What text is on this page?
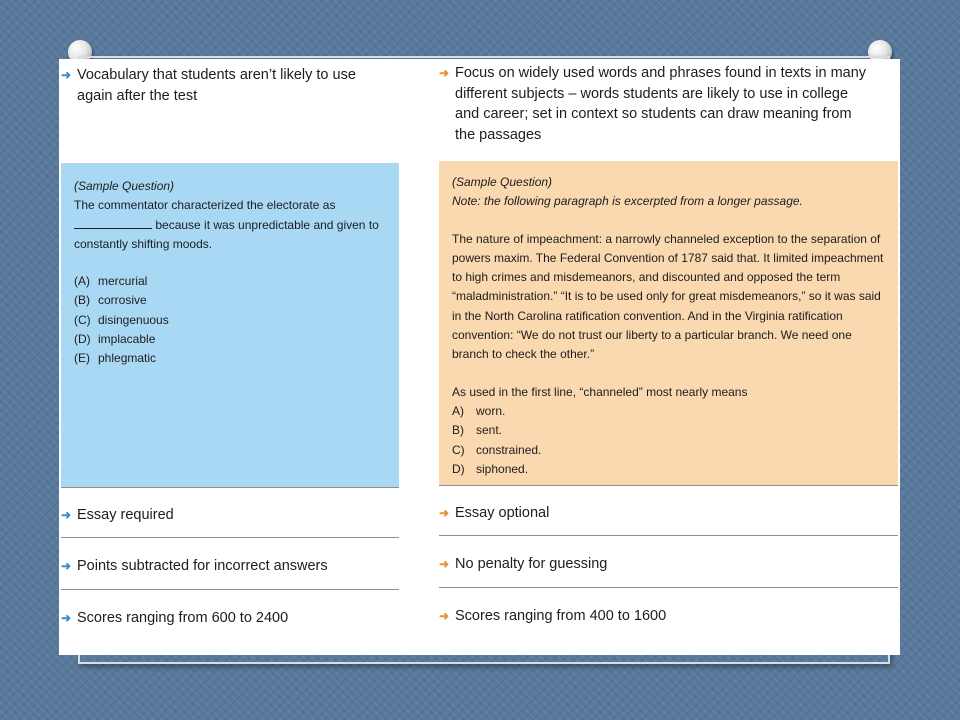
➜ Vocabulary that students aren’t likely to use again after the test

(Sample Question)

The commentator characterized the electorate as
because it was unpredictable and given to constantly shifting moods.

(A) mercurial

(B) corrosive

(C) disingenuous

(D) implacable

(E) phlegmatic

➜ Essay required
➜ Points subtracted for incorrect answers
➜ Scores ranging from 600 to 2400
➜ Focus on widely used words and phrases found in texts in many different subjects – words students are likely to use in college and career; set in context so students can draw meaning from the passages

(Sample Question)

Note: the following paragraph is excerpted from a longer passage.

The nature of impeachment: a narrowly channeled exception to the separation of powers maxim. The Federal Convention of 1787 said that. It limited impeachment to high crimes and misdemeanors, and discounted and opposed the term “maladministration.” “It is to be used only for great misdemeanors,” so it was said in the North Carolina ratification convention. And in the Virginia ratification convention: “We do not trust our liberty to a particular branch. We need one branch to check the other.”

As used in the first line, “channeled” most nearly means

A) worn.

B) sent.

C) constrained.

D) siphoned.

➜ Essay optional
➜ No penalty for guessing
➜ Scores ranging from 400 to 1600
